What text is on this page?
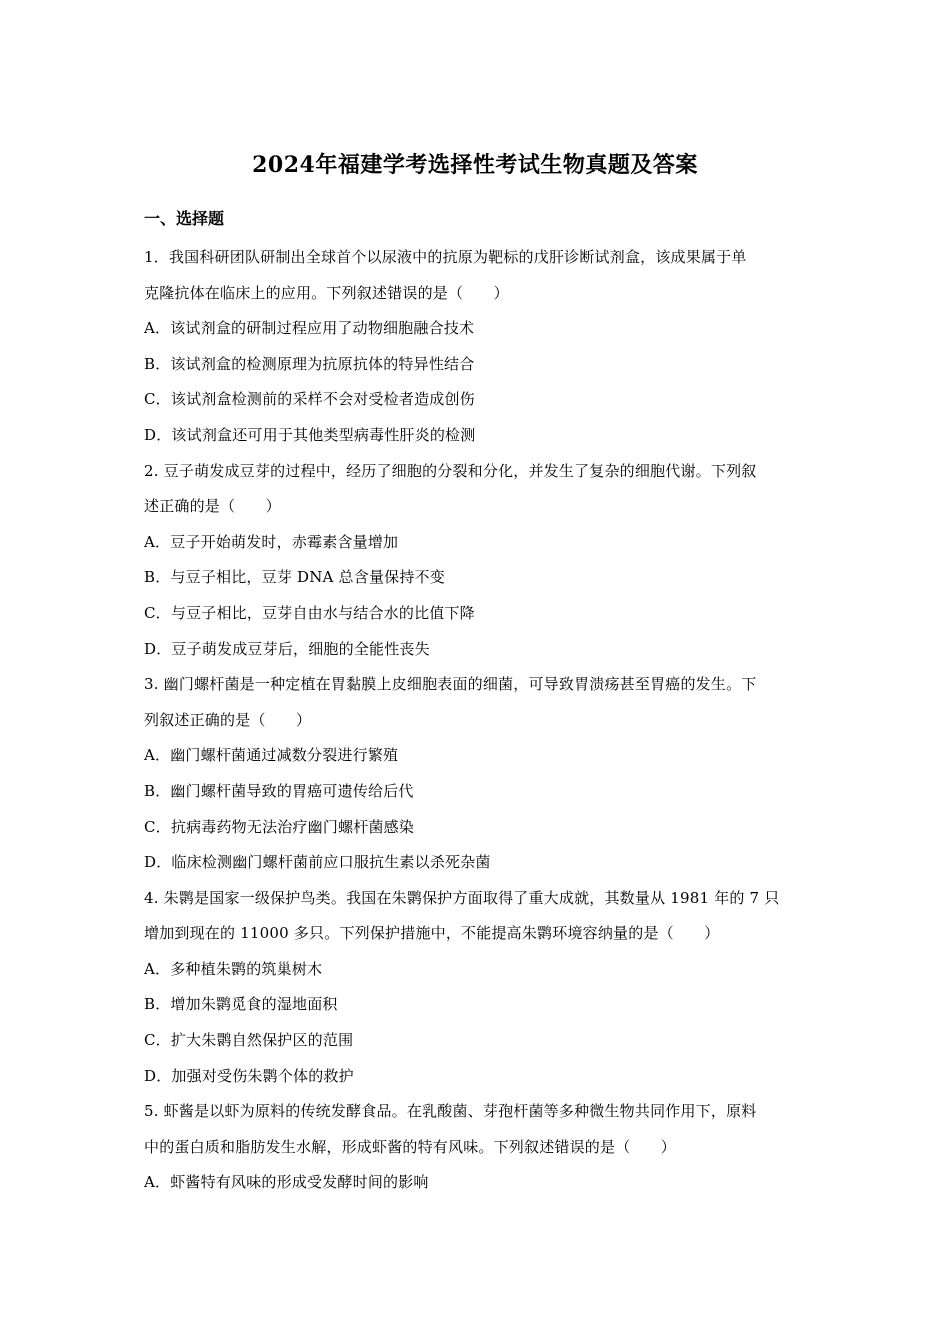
2024年福建学考选择性考试生物真题及答案
一、选择题
1．我国科研团队研制出全球首个以尿液中的抗原为靶标的戊肝诊断试剂盒，该成果属于单
克隆抗体在临床上的应用。下列叙述错误的是（　　）
A．该试剂盒的研制过程应用了动物细胞融合技术
B．该试剂盒的检测原理为抗原抗体的特异性结合
C．该试剂盒检测前的采样不会对受检者造成创伤
D．该试剂盒还可用于其他类型病毒性肝炎的检测
2. 豆子萌发成豆芽的过程中，经历了细胞的分裂和分化，并发生了复杂的细胞代谢。下列叙
述正确的是（　　）
A．豆子开始萌发时，赤霉素含量增加
B．与豆子相比，豆芽 DNA 总含量保持不变
C．与豆子相比，豆芽自由水与结合水的比值下降
D．豆子萌发成豆芽后，细胞的全能性丧失
3. 幽门螺杆菌是一种定植在胃黏膜上皮细胞表面的细菌，可导致胃溃疡甚至胃癌的发生。下
列叙述正确的是（　　）
A．幽门螺杆菌通过减数分裂进行繁殖
B．幽门螺杆菌导致的胃癌可遗传给后代
C．抗病毒药物无法治疗幽门螺杆菌感染
D．临床检测幽门螺杆菌前应口服抗生素以杀死杂菌
4. 朱鹮是国家一级保护鸟类。我国在朱鹮保护方面取得了重大成就，其数量从 1981 年的 7 只
增加到现在的 11000 多只。下列保护措施中，不能提高朱鹮环境容纳量的是（　　）
A．多种植朱鹮的筑巢树木
B．增加朱鹮觅食的湿地面积
C．扩大朱鹮自然保护区的范围
D．加强对受伤朱鹮个体的救护
5. 虾酱是以虾为原料的传统发酵食品。在乳酸菌、芽孢杆菌等多种微生物共同作用下，原料
中的蛋白质和脂肪发生水解，形成虾酱的特有风味。下列叙述错误的是（　　）
A．虾酱特有风味的形成受发酵时间的影响
